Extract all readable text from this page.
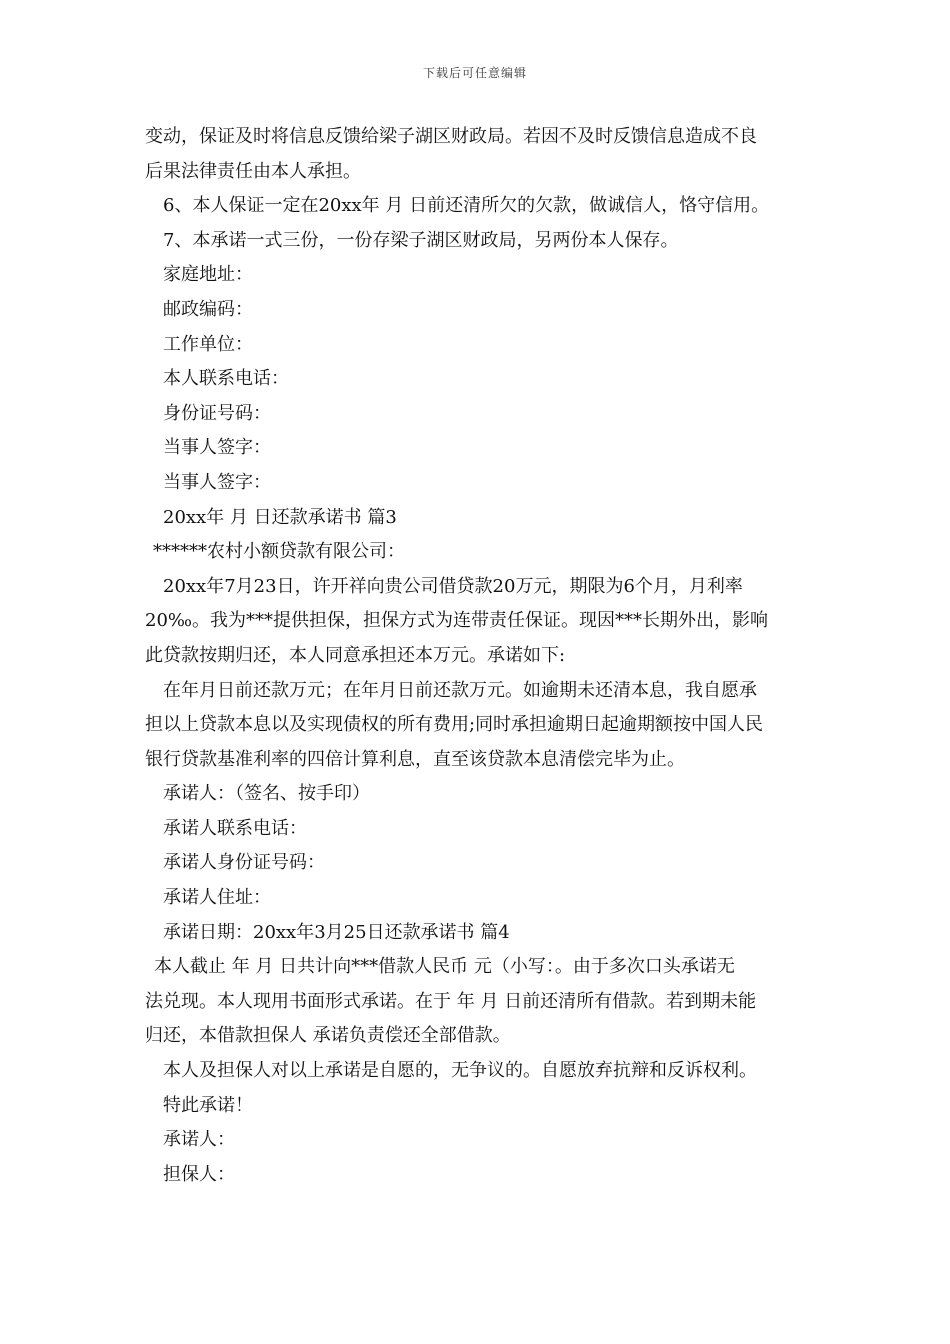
下载后可任意编辑
变动，保证及时将信息反馈给梁子湖区财政局。若因不及时反馈信息造成不良
后果法律责任由本人承担。
6、本人保证一定在20xx年 月 日前还清所欠的欠款，做诚信人，恪守信用。
7、本承诺一式三份，一份存梁子湖区财政局，另两份本人保存。
家庭地址：
邮政编码：
工作单位：
本人联系电话：
身份证号码：
当事人签字：
当事人签字：
20xx年 月 日还款承诺书 篇3
******农村小额贷款有限公司：
20xx年7月23日，许开祥向贵公司借贷款20万元，期限为6个月，月利率
20‰。我为***提供担保，担保方式为连带责任保证。现因***长期外出，影响
此贷款按期归还，本人同意承担还本万元。承诺如下:
在年月日前还款万元；在年月日前还款万元。如逾期未还清本息，我自愿承
担以上贷款本息以及实现债权的所有费用;同时承担逾期日起逾期额按中国人民
银行贷款基准利率的四倍计算利息，直至该贷款本息清偿完毕为止。
承诺人：（签名、按手印）
承诺人联系电话：
承诺人身份证号码：
承诺人住址：
承诺日期：20xx年3月25日还款承诺书 篇4
本人截止 年 月 日共计向***借款人民币 元（小写：。由于多次口头承诺无
法兑现。本人现用书面形式承诺。在于 年 月 日前还清所有借款。若到期未能
归还，本借款担保人 承诺负责偿还全部借款。
本人及担保人对以上承诺是自愿的，无争议的。自愿放弃抗辩和反诉权利。
特此承诺！
承诺人：
担保人：
